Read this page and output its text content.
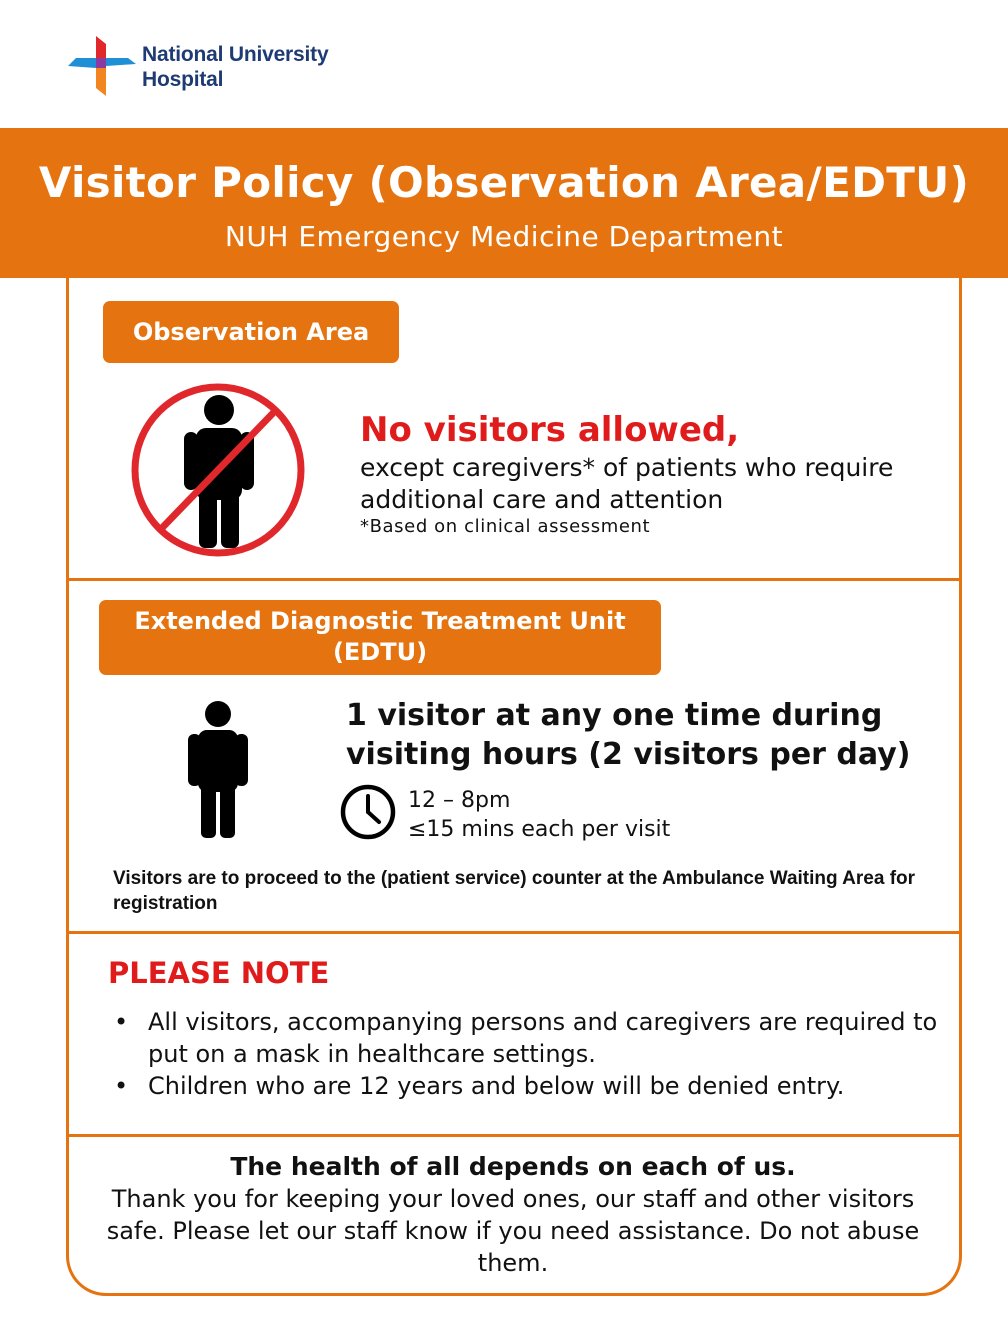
National University
Hospital
Visitor Policy (Observation Area/EDTU)
NUH Emergency Medicine Department
Observation Area
No visitors allowed,
except caregivers* of patients who require additional care and attention
*Based on clinical assessment
Extended Diagnostic Treatment Unit
(EDTU)
1 visitor at any one time during visiting hours (2 visitors per day)
12 – 8pm
≤15 mins each per visit
Visitors are to proceed to the (patient service) counter at the Ambulance Waiting Area for registration
PLEASE NOTE
• All visitors, accompanying persons and caregivers are required to put on a mask in healthcare settings.
• Children who are 12 years and below will be denied entry.
The health of all depends on each of us.
Thank you for keeping your loved ones, our staff and other visitors safe. Please let our staff know if you need assistance. Do not abuse them.
